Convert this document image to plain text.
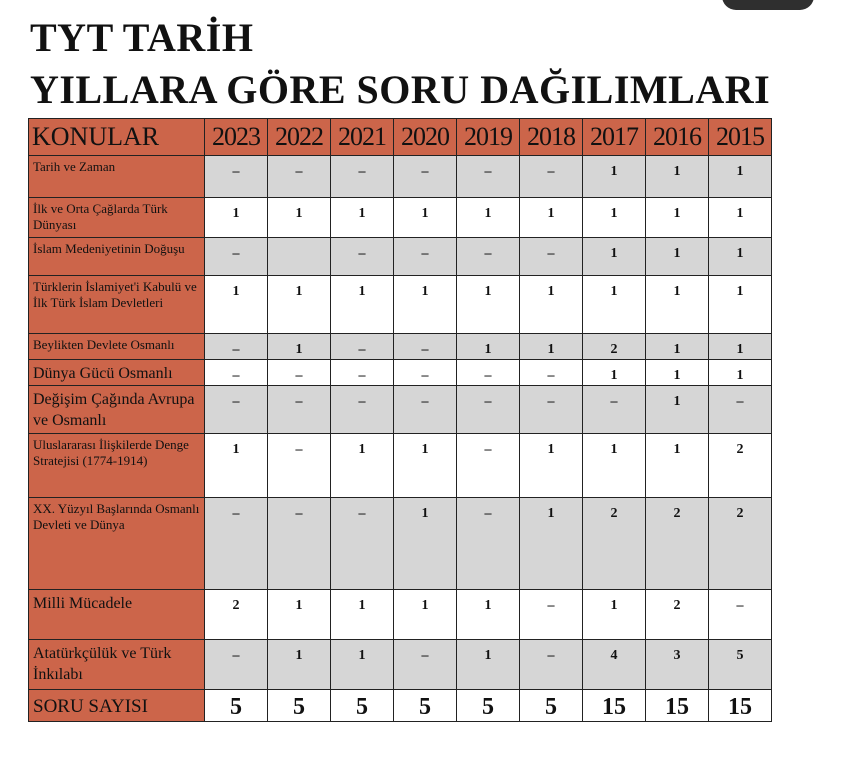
TYT TARİH
YILLARA GÖRE SORU DAĞILIMLARI
KONULAR	2023	2022	2021	2020	2019	2018	2017	2016	2015
Tarih ve Zaman	–	–	–	–	–	–	1	1	1
İlk ve Orta Çağlarda Türk Dünyası	1	1	1	1	1	1	1	1	1
İslam Medeniyetinin Doğuşu	–		–	–	–	–	1	1	1
Türklerin İslamiyet'i Kabulü ve İlk Türk İslam Devletleri	1	1	1	1	1	1	1	1	1
Beylikten Devlete Osmanlı	–	1	–	–	1	1	2	1	1
Dünya Gücü Osmanlı	–	–	–	–	–	–	1	1	1
Değişim Çağında Avrupa ve Osmanlı	–	–	–	–	–	–	–	1	–
Uluslararası İlişkilerde Denge Stratejisi (1774-1914)	1	–	1	1	–	1	1	1	2
XX. Yüzyıl Başlarında Osmanlı Devleti ve Dünya	–	–	–	1	–	1	2	2	2
Milli Mücadele	2	1	1	1	1	–	1	2	–
Atatürkçülük ve Türk İnkılabı	–	1	1	–	1	–	4	3	5
SORU SAYISI	5	5	5	5	5	5	15	15	15
